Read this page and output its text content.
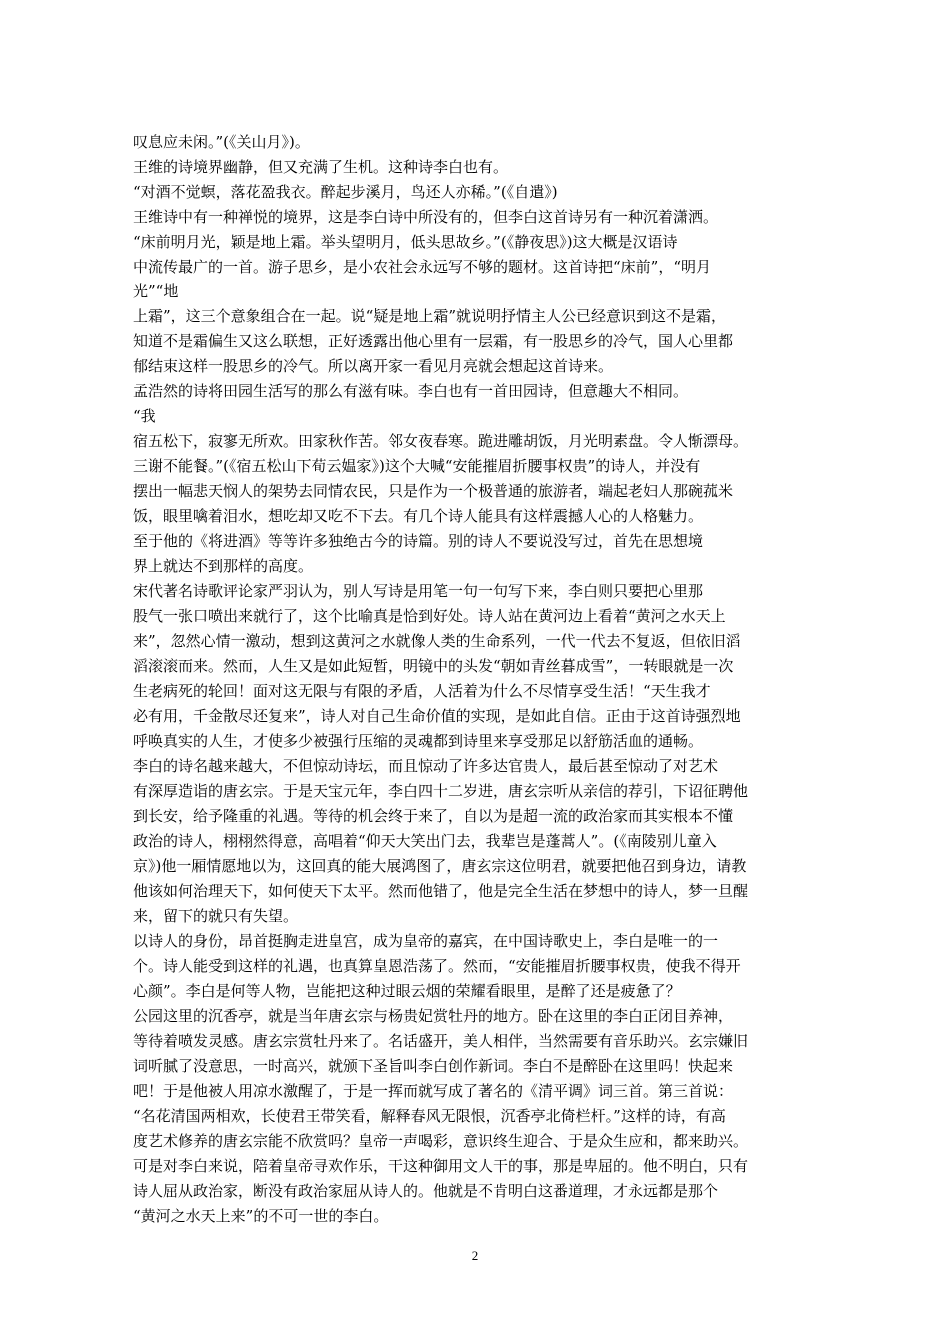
叹息应未闲。”(《关山月》)。
王维的诗境界幽静，但又充满了生机。这种诗李白也有。
“对酒不觉螟，落花盈我衣。醉起步溪月，鸟还人亦稀。”(《自遣》)
王维诗中有一种禅悦的境界，这是李白诗中所没有的，但李白这首诗另有一种沉着潇洒。
“床前明月光，颖是地上霜。举头望明月，低头思故乡。”(《静夜思》)这大概是汉语诗
中流传最广的一首。游子思乡，是小农社会永远写不够的题材。这首诗把“床前”，“明月
光”“地
上霜”，这三个意象组合在一起。说“疑是地上霜”就说明抒情主人公已经意识到这不是霜，
知道不是霜偏生又这么联想，正好透露出他心里有一层霜，有一股思乡的冷气，国人心里都
郁结束这样一股思乡的冷气。所以离开家一看见月亮就会想起这首诗来。
孟浩然的诗将田园生活写的那么有滋有味。李白也有一首田园诗，但意趣大不相同。
“我
宿五松下，寂寥无所欢。田家秋作苦。邻女夜春寒。跪进雕胡饭，月光明素盘。令人惭漂母。
三谢不能餐。”(《宿五松山下荀云媪家》)这个大喊“安能摧眉折腰事权贵”的诗人，并没有
摆出一幅悲天悯人的架势去同情农民，只是作为一个极普通的旅游者，端起老妇人那碗菰米
饭，眼里噙着泪水，想吃却又吃不下去。有几个诗人能具有这样震撼人心的人格魅力。
至于他的《将进酒》等等许多独绝古今的诗篇。别的诗人不要说没写过，首先在思想境
界上就达不到那样的高度。
宋代著名诗歌评论家严羽认为，别人写诗是用笔一句一句写下来，李白则只要把心里那
股气一张口喷出来就行了，这个比喻真是恰到好处。诗人站在黄河边上看着“黄河之水天上
来”，忽然心情一激动，想到这黄河之水就像人类的生命系列，一代一代去不复返，但依旧滔
滔滚滚而来。然而，人生又是如此短暂，明镜中的头发“朝如青丝暮成雪”，一转眼就是一次
生老病死的轮回！面对这无限与有限的矛盾，人活着为什么不尽情享受生活！“天生我才
必有用，千金散尽还复来”，诗人对自己生命价值的实现，是如此自信。正由于这首诗强烈地
呼唤真实的人生，才使多少被强行压缩的灵魂都到诗里来享受那足以舒筋活血的通畅。
李白的诗名越来越大，不但惊动诗坛，而且惊动了许多达官贵人，最后甚至惊动了对艺术
有深厚造诣的唐玄宗。于是天宝元年，李白四十二岁进，唐玄宗听从亲信的荐引，下诏征聘他
到长安，给予隆重的礼遇。等待的机会终于来了，自以为是超一流的政治家而其实根本不懂
政治的诗人，栩栩然得意，高唱着“仰天大笑出门去，我辈岂是蓬蒿人”。(《南陵别儿童入
京》)他一厢情愿地以为，这回真的能大展鸿图了，唐玄宗这位明君，就要把他召到身边，请教
他该如何治理天下，如何使天下太平。然而他错了，他是完全生活在梦想中的诗人，梦一旦醒
来，留下的就只有失望。
以诗人的身份，昂首挺胸走进皇宫，成为皇帝的嘉宾，在中国诗歌史上，李白是唯一的一
个。诗人能受到这样的礼遇，也真算皇恩浩荡了。然而，“安能摧眉折腰事权贵，使我不得开
心颜”。李白是何等人物，岂能把这种过眼云烟的荣耀看眼里，是醉了还是疲惫了？
公园这里的沉香亭，就是当年唐玄宗与杨贵妃赏牡丹的地方。卧在这里的李白正闭目养神，
等待着喷发灵感。唐玄宗赏牡丹来了。名话盛开，美人相伴，当然需要有音乐助兴。玄宗嫌旧
词听腻了没意思，一时高兴，就颁下圣旨叫李白创作新词。李白不是醉卧在这里吗！快起来
吧！于是他被人用凉水激醒了，于是一挥而就写成了著名的《清平调》词三首。第三首说：
“名花清国两相欢，长使君王带笑看，解释春风无限恨，沉香亭北倚栏杆。”这样的诗，有高
度艺术修养的唐玄宗能不欣赏吗？皇帝一声喝彩，意识终生迎合、于是众生应和，都来助兴。
可是对李白来说，陪着皇帝寻欢作乐，干这种御用文人干的事，那是卑屈的。他不明白，只有
诗人屈从政治家，断没有政治家屈从诗人的。他就是不肯明白这番道理，才永远都是那个
“黄河之水天上来”的不可一世的李白。
2
